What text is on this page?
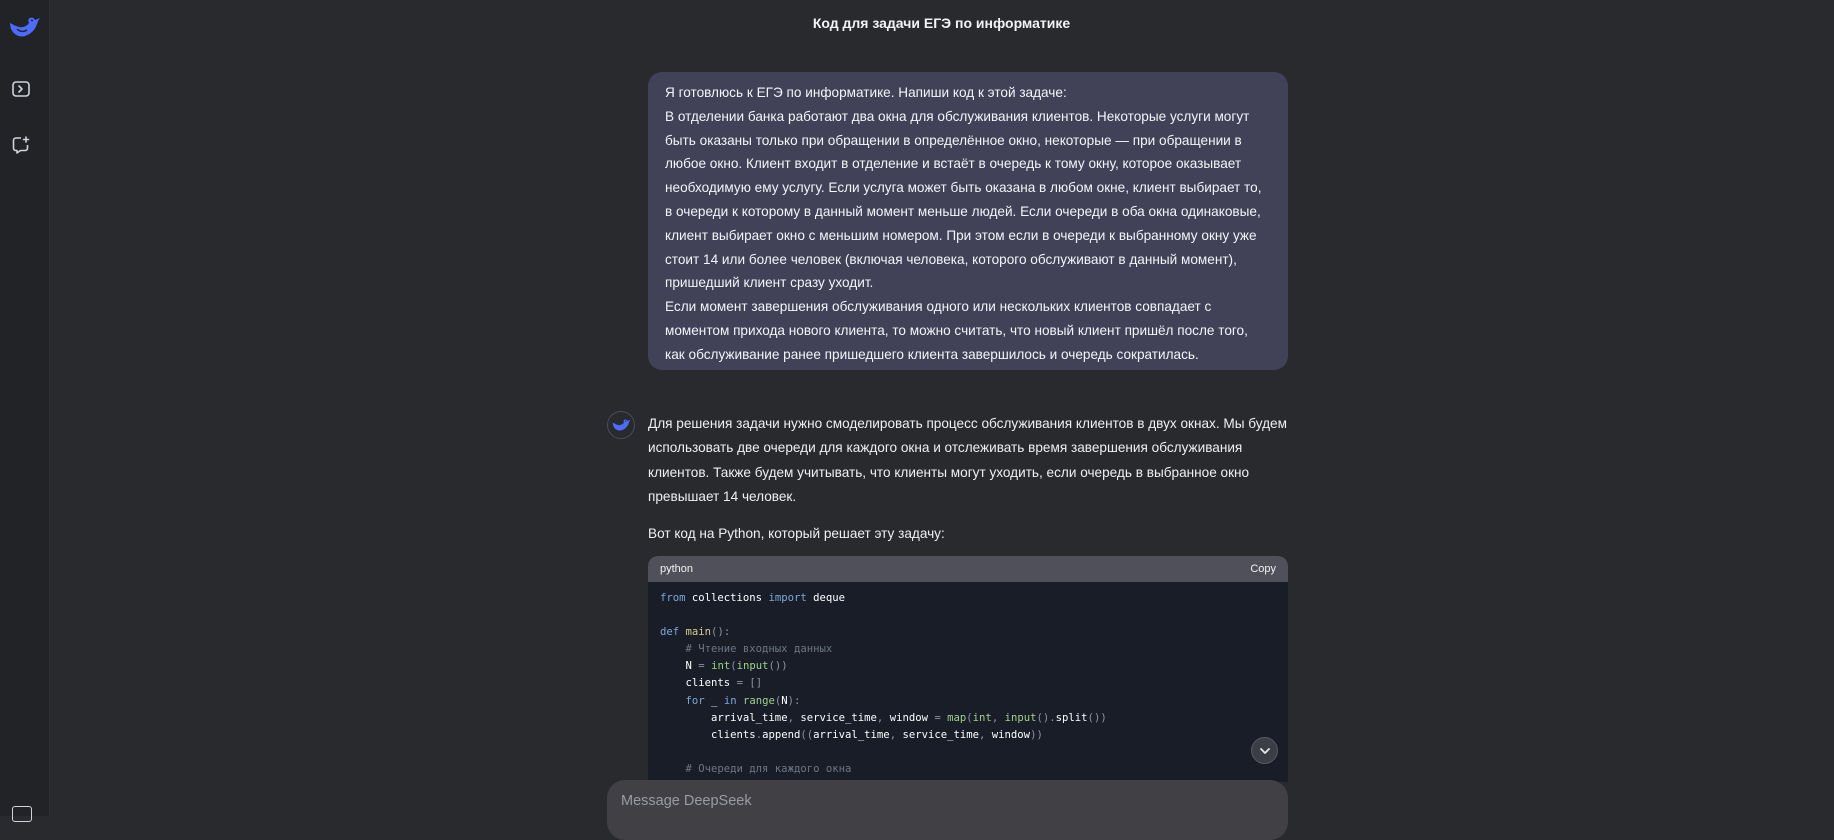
Код для задачи ЕГЭ по информатике

Я готовлюсь к ЕГЭ по информатике. Напиши код к этой задаче:

В отделении банка работают два окна для обслуживания клиентов. Некоторые услуги могут быть оказаны только при обращении в определённое окно, некоторые — при обращении в любое окно. Клиент входит в отделение и встаёт в очередь к тому окну, которое оказывает необходимую ему услугу. Если услуга может быть оказана в любом окне, клиент выбирает то, в очереди к которому в данный момент меньше людей. Если очереди в оба окна одинаковые, клиент выбирает окно с меньшим номером. При этом если в очереди к выбранному окну уже стоит 14 или более человек (включая человека, которого обслуживают в данный момент), пришедший клиент сразу уходит.

Если момент завершения обслуживания одного или нескольких клиентов совпадает с моментом прихода нового клиента, то можно считать, что новый клиент пришёл после того, как обслуживание ранее пришедшего клиента завершилось и очередь сократилась.

Для решения задачи нужно смоделировать процесс обслуживания клиентов в двух окнах. Мы будем использовать две очереди для каждого окна и отслеживать время завершения обслуживания клиентов. Также будем учитывать, что клиенты могут уходить, если очередь в выбранное окно превышает 14 человек.

Вот код на Python, который решает эту задачу:

python	Copy
from collections import deque
def main():
# Чтение входных данных
N = int(input())
clients = []
for _ in range(N):
arrival_time, service_time, window = map(int, input().split())
clients.append((arrival_time, service_time, window))
# Очереди для каждого окна
Message DeepSeek
